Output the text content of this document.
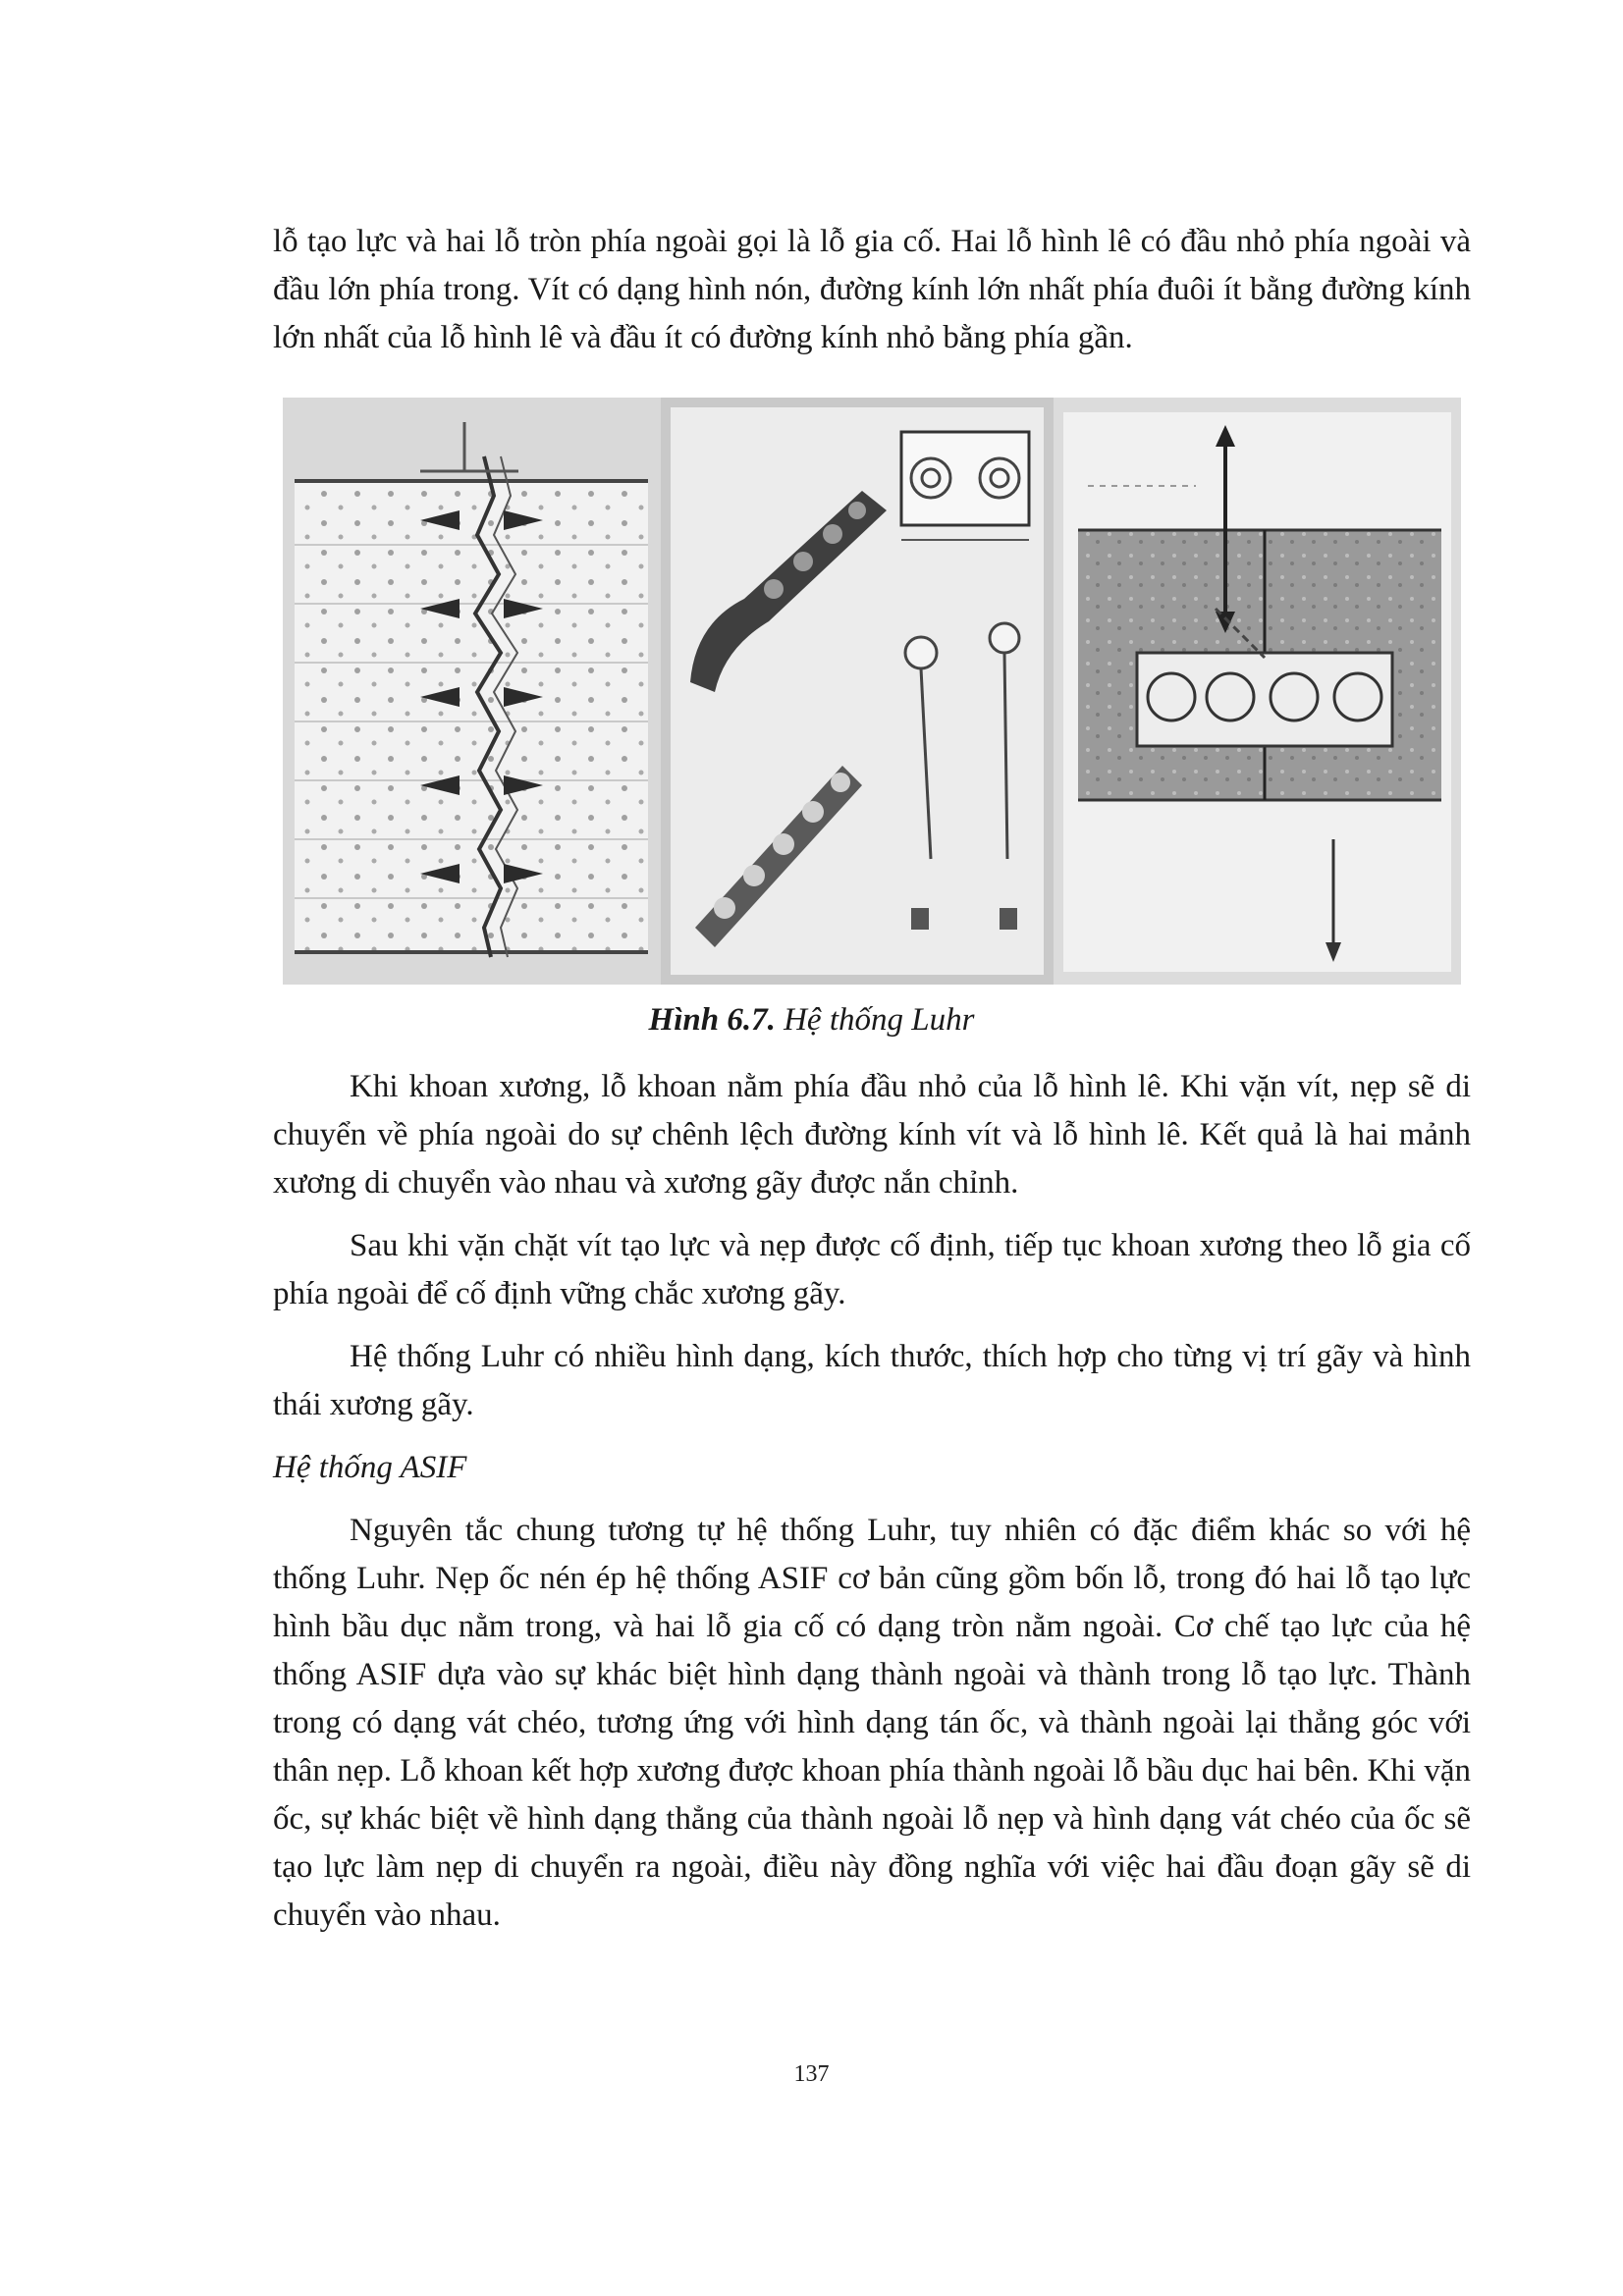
lỗ tạo lực và hai lỗ tròn phía ngoài gọi là lỗ gia cố. Hai lỗ hình lê có đầu nhỏ phía ngoài và đầu lớn phía trong. Vít có dạng hình nón, đường kính lớn nhất phía đuôi ít bằng đường kính lớn nhất của lỗ hình lê và đầu ít có đường kính nhỏ bằng phía gần.

Hình 6.7. Hệ thống Luhr

Khi khoan xương, lỗ khoan nằm phía đầu nhỏ của lỗ hình lê. Khi vặn vít, nẹp sẽ di chuyển về phía ngoài do sự chênh lệch đường kính vít và lỗ hình lê. Kết quả là hai mảnh xương di chuyển vào nhau và xương gãy được nắn chỉnh.

Sau khi vặn chặt vít tạo lực và nẹp được cố định, tiếp tục khoan xương theo lỗ gia cố phía ngoài để cố định vững chắc xương gãy.

Hệ thống Luhr có nhiều hình dạng, kích thước, thích hợp cho từng vị trí gãy và hình thái xương gãy.

Hệ thống ASIF

Nguyên tắc chung tương tự hệ thống Luhr, tuy nhiên có đặc điểm khác so với hệ thống Luhr. Nẹp ốc nén ép hệ thống ASIF cơ bản cũng gồm bốn lỗ, trong đó hai lỗ tạo lực hình bầu dục nằm trong, và hai lỗ gia cố có dạng tròn nằm ngoài. Cơ chế tạo lực của hệ thống ASIF dựa vào sự khác biệt hình dạng thành ngoài và thành trong lỗ tạo lực. Thành trong có dạng vát chéo, tương ứng với hình dạng tán ốc, và thành ngoài lại thẳng góc với thân nẹp. Lỗ khoan kết hợp xương được khoan phía thành ngoài lỗ bầu dục hai bên. Khi vặn ốc, sự khác biệt về hình dạng thẳng của thành ngoài lỗ nẹp và hình dạng vát chéo của ốc sẽ tạo lực làm nẹp di chuyển ra ngoài, điều này đồng nghĩa với việc hai đầu đoạn gãy sẽ di chuyển vào nhau.

137
